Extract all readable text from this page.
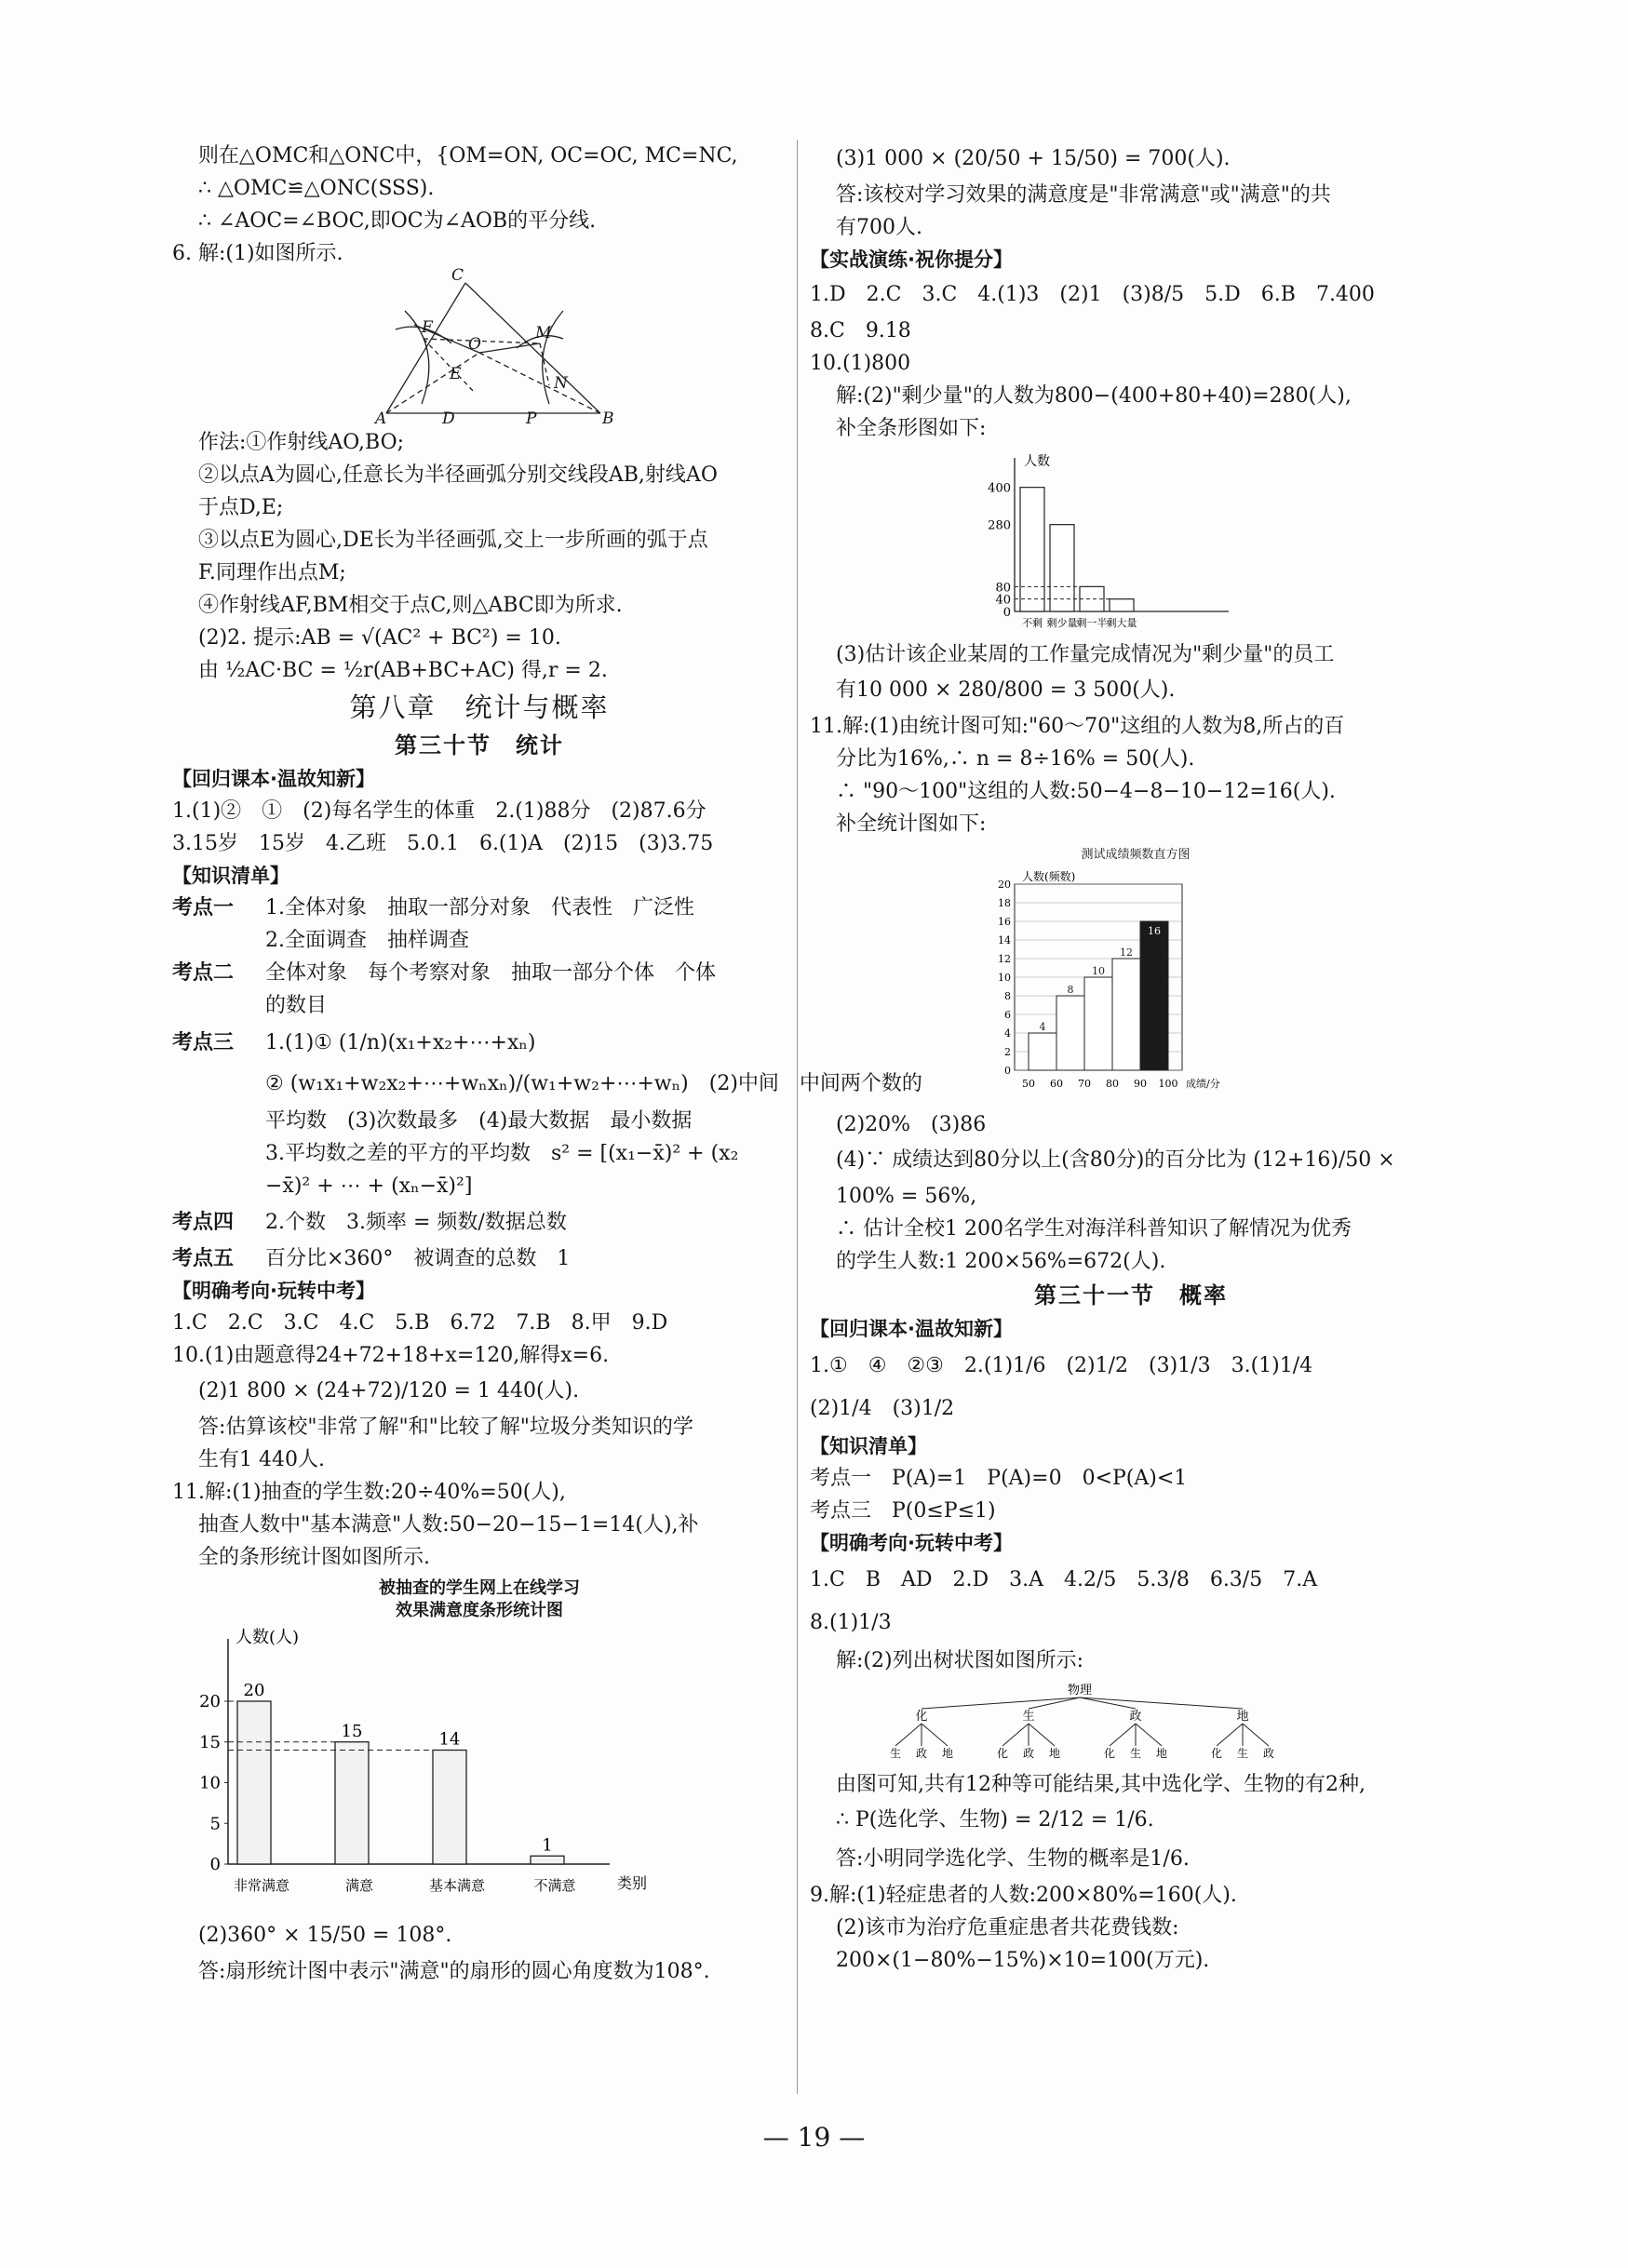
则在△OMC和△ONC中，{OM=ON, OC=OC, MC=NC,
∴ △OMC≌△ONC(SSS).
∴ ∠AOC=∠BOC,即OC为∠AOB的平分线.
6. 解:(1)如图所示.
C
F
O
M
E	N
A	D	P	B
作法:①作射线AO,BO;
②以点A为圆心,任意长为半径画弧分别交线段AB,射线AO
于点D,E;
③以点E为圆心,DE长为半径画弧,交上一步所画的弧于点
F.同理作出点M;
④作射线AF,BM相交于点C,则△ABC即为所求.
(2)2. 提示:AB = √(AC² + BC²) = 10.
由 ½AC·BC = ½r(AB+BC+AC) 得,r = 2.
第八章　统计与概率
第三十节　统计
【回归课本·温故知新】
1.(1)②　①　(2)每名学生的体重　2.(1)88分　(2)87.6分
3.15岁　15岁　4.乙班　5.0.1　6.(1)A　(2)15　(3)3.75
【知识清单】
考点一 1.全体对象　抽取一部分对象　代表性　广泛性
2.全面调查　抽样调查
考点二 全体对象　每个考察对象　抽取一部分个体　个体
的数目
考点三 1.(1)① (1/n)(x₁+x₂+⋯+xₙ)
② (w₁x₁+w₂x₂+⋯+wₙxₙ)/(w₁+w₂+⋯+wₙ)　(2)中间　中间两个数的
平均数　(3)次数最多　(4)最大数据　最小数据
3.平均数之差的平方的平均数　s² = [(x₁−x̄)² + (x₂
−x̄)² + ⋯ + (xₙ−x̄)²]
考点四 2.个数　3.频率 = 频数/数据总数
考点五 百分比×360°　被调查的总数　1
【明确考向·玩转中考】
1.C　2.C　3.C　4.C　5.B　6.72　7.B　8.甲　9.D
10.(1)由题意得24+72+18+x=120,解得x=6.
(2)1 800 × (24+72)/120 = 1 440(人).
答:估算该校"非常了解"和"比较了解"垃圾分类知识的学
生有1 440人.
11.解:(1)抽查的学生数:20÷40%=50(人),
抽查人数中"基本满意"人数:50−20−15−1=14(人),补
全的条形统计图如图所示.
被抽查的学生网上在线学习
效果满意度条形统计图
人数(人)
类别
0
5
10
15
20
20
非常满意
15
满意
14
基本满意
1
不满意
(2)360° × 15/50 = 108°.
答:扇形统计图中表示"满意"的扇形的圆心角度数为108°.
(3)1 000 × (20/50 + 15/50) = 700(人).
答:该校对学习效果的满意度是"非常满意"或"满意"的共
有700人.
【实战演练·祝你提分】
1.D　2.C　3.C　4.(1)3　(2)1　(3)8/5　5.D　6.B　7.400
8.C　9.18
10.(1)800
解:(2)"剩少量"的人数为800−(400+80+40)=280(人),
补全条形图如下:
人数
0
40
80
280
400
不剩 剩少量 剩一半 剩大量
(3)估计该企业某周的工作量完成情况为"剩少量"的员工
有10 000 × 280/800 = 3 500(人).
11.解:(1)由统计图可知:"60～70"这组的人数为8,所占的百
分比为16%,∴ n = 8÷16% = 50(人).
∴ "90～100"这组的人数:50−4−8−10−12=16(人).
补全统计图如下:
测试成绩频数直方图
人数(频数)
成绩/分
0
2
4
6
8
10
12
14
16
18
20
4
8
10
12
16
50 60 70 80 90 100
(2)20%　(3)86
(4)∵ 成绩达到80分以上(含80分)的百分比为 (12+16)/50 ×
100% = 56%,
∴ 估计全校1 200名学生对海洋科普知识了解情况为优秀
的学生人数:1 200×56%=672(人).
第三十一节　概率
【回归课本·温故知新】
1.①　④　②③　2.(1)1/6　(2)1/2　(3)1/3　3.(1)1/4
(2)1/4　(3)1/2
【知识清单】
考点一　P(A)=1　P(A)=0　0<P(A)<1
考点三　P(0≤P≤1)
【明确考向·玩转中考】
1.C　B　AD　2.D　3.A　4.2/5　5.3/8　6.3/5　7.A
8.(1)1/3
解:(2)列出树状图如图所示:
物理
化
生 政 地
生
化 政 地
政
化 生 地
地
化 生 政
由图可知,共有12种等可能结果,其中选化学、生物的有2种,
∴ P(选化学、生物) = 2/12 = 1/6.
答:小明同学选化学、生物的概率是1/6.
9.解:(1)轻症患者的人数:200×80%=160(人).
(2)该市为治疗危重症患者共花费钱数:
200×(1−80%−15%)×10=100(万元).
— 19 —
